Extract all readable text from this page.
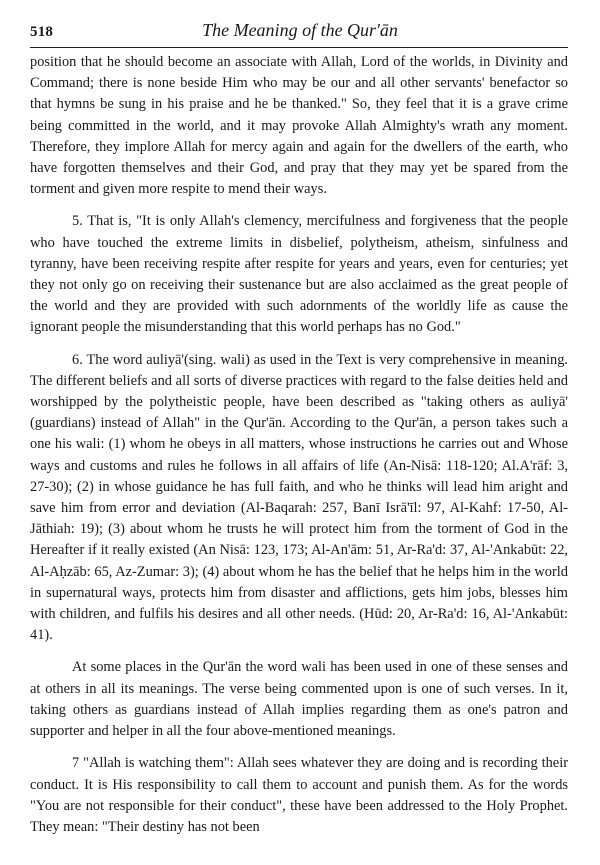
518	The Meaning of the Qur'ān

position that he should become an associate with Allah, Lord of the worlds, in Divinity and Command; there is none beside Him who may be our and all other servants' benefactor so that hymns be sung in his praise and he be thanked." So, they feel that it is a grave crime being committed in the world, and it may provoke Allah Almighty's wrath any moment. Therefore, they implore Allah for mercy again and again for the dwellers of the earth, who have forgotten themselves and their God, and pray that they may yet be spared from the torment and given more respite to mend their ways.

5. That is, "It is only Allah's clemency, mercifulness and forgiveness that the people who have touched the extreme limits in disbelief, polytheism, atheism, sinfulness and tyranny, have been receiving respite after respite for years and years, even for centuries; yet they not only go on receiving their sustenance but are also acclaimed as the great people of the world and they are provided with such adornments of the worldly life as cause the ignorant people the misunderstanding that this world perhaps has no God."

6. The word auliyā'(sing. wali) as used in the Text is very comprehensive in meaning. The different beliefs and all sorts of diverse practices with regard to the false deities held and worshipped by the polytheistic people, have been described as "taking others as auliyā' (guardians) instead of Allah" in the Qur'ān. According to the Qur'ān, a person takes such a one his wali: (1) whom he obeys in all matters, whose instructions he carries out and Whose ways and customs and rules he follows in all affairs of life (An-Nisā: 118-120; Al.A'rāf: 3, 27-30); (2) in whose guidance he has full faith, and who he thinks will lead him aright and save him from error and deviation (Al-Baqarah: 257, Banī Isrā'īl: 97, Al-Kahf: 17-50, Al-Jāthiah: 19); (3) about whom he trusts he will protect him from the torment of God in the Hereafter if it really existed (An Nisā: 123, 173; Al-An'ām: 51, Ar-Ra'd: 37, Al-'Ankabūt: 22, Al-Aḥzāb: 65, Az-Zumar: 3); (4) about whom he has the belief that he helps him in the world in supernatural ways, protects him from disaster and afflictions, gets him jobs, blesses him with children, and fulfils his desires and all other needs. (Hūd: 20, Ar-Ra'd: 16, Al-'Ankabūt: 41).

At some places in the Qur'ān the word wali has been used in one of these senses and at others in all its meanings. The verse being commented upon is one of such verses. In it, taking others as guardians instead of Allah implies regarding them as one's patron and supporter and helper in all the four above-mentioned meanings.

7 "Allah is watching them": Allah sees whatever they are doing and is recording their conduct. It is His responsibility to call them to account and punish them. As for the words "You are not responsible for their conduct", these have been addressed to the Holy Prophet. They mean: "Their destiny has not been
